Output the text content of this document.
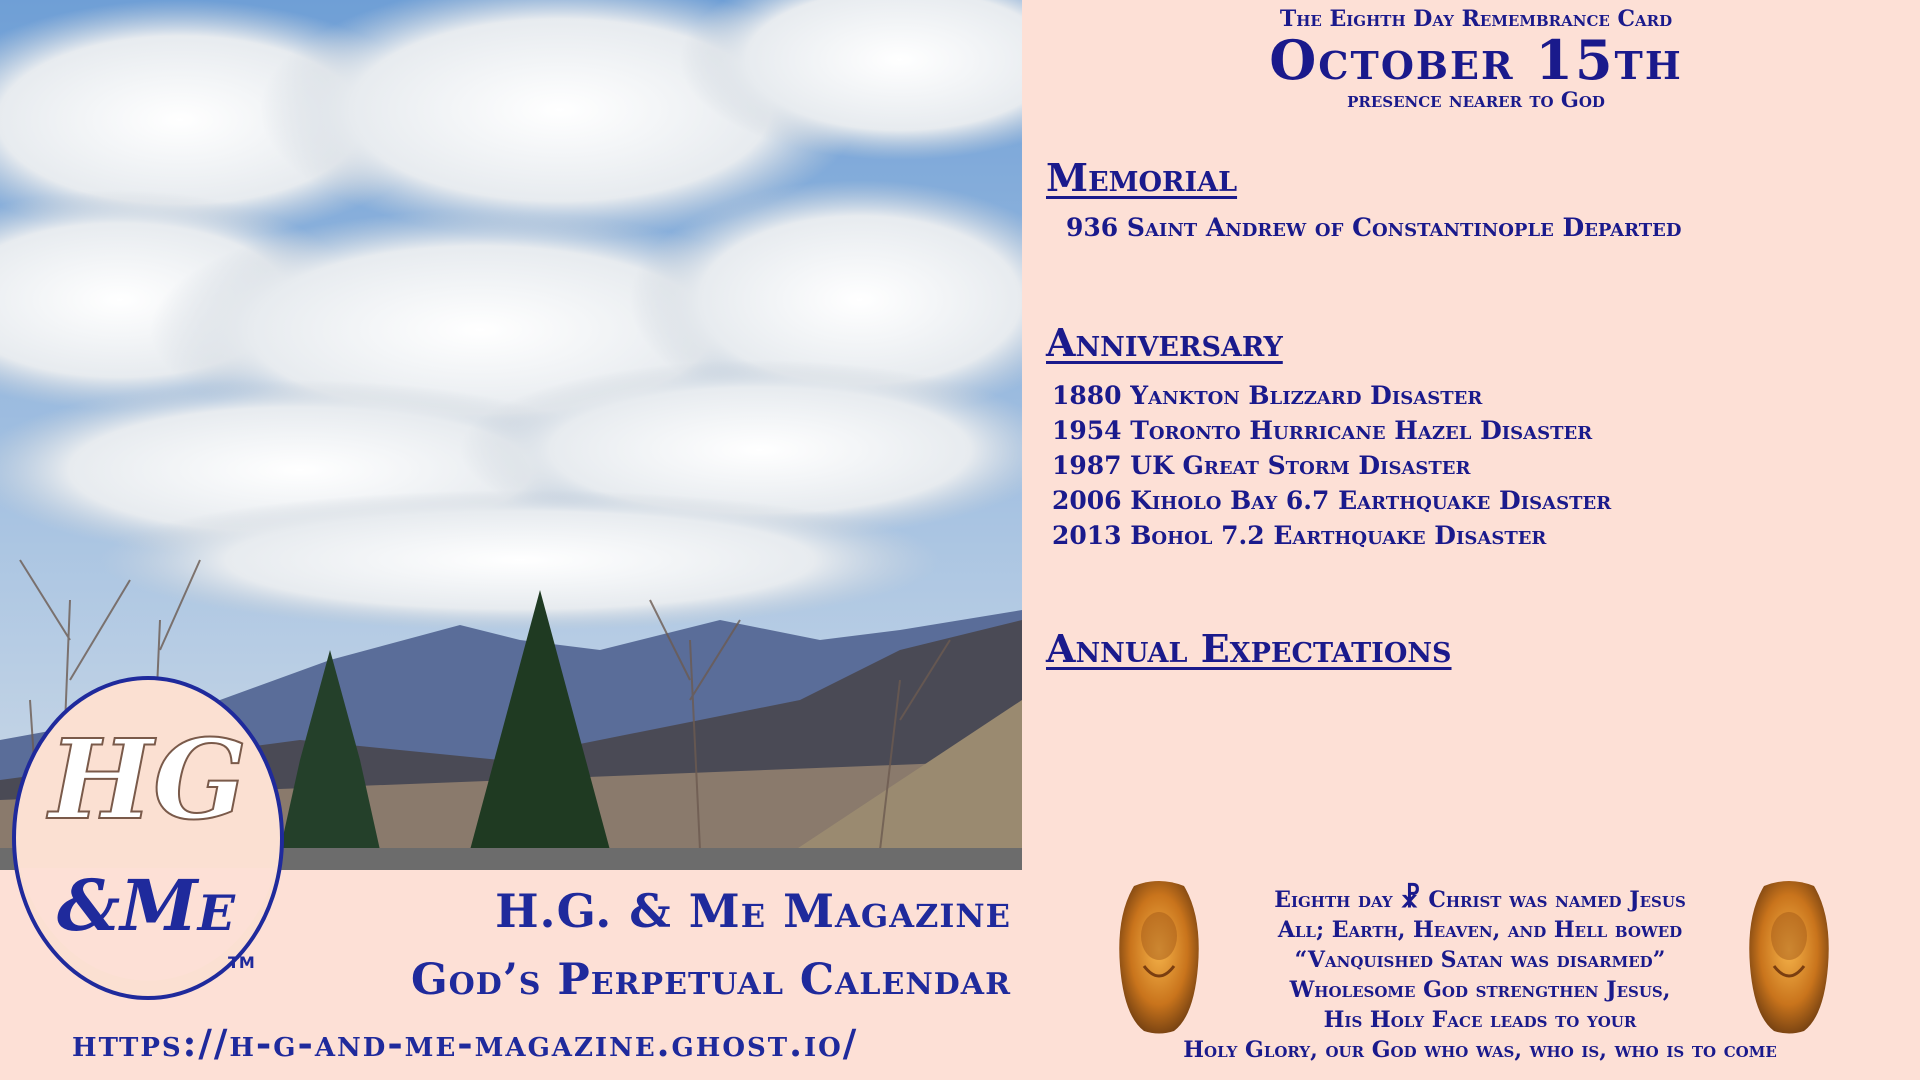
HG
&Me
TM
H.G. & Me Magazine
God’s Perpetual Calendar
https://h-g-and-me-magazine.ghost.io/
The Eighth Day Remembrance Card
October 15th
presence nearer to God
Memorial
936 Saint Andrew of Constantinople Departed
Anniversary
1880 Yankton Blizzard Disaster
1954 Toronto Hurricane Hazel Disaster
1987 UK Great Storm Disaster
2006 Kiholo Bay 6.7 Earthquake Disaster
2013 Bohol 7.2 Earthquake Disaster
Annual Expectations
Eighth day ☧ Christ was named Jesus
All; Earth, Heaven, and Hell bowed
“Vanquished Satan was disarmed”
Wholesome God strengthen Jesus,
His Holy Face leads to your
Holy Glory, our God who was, who is, who is to come
